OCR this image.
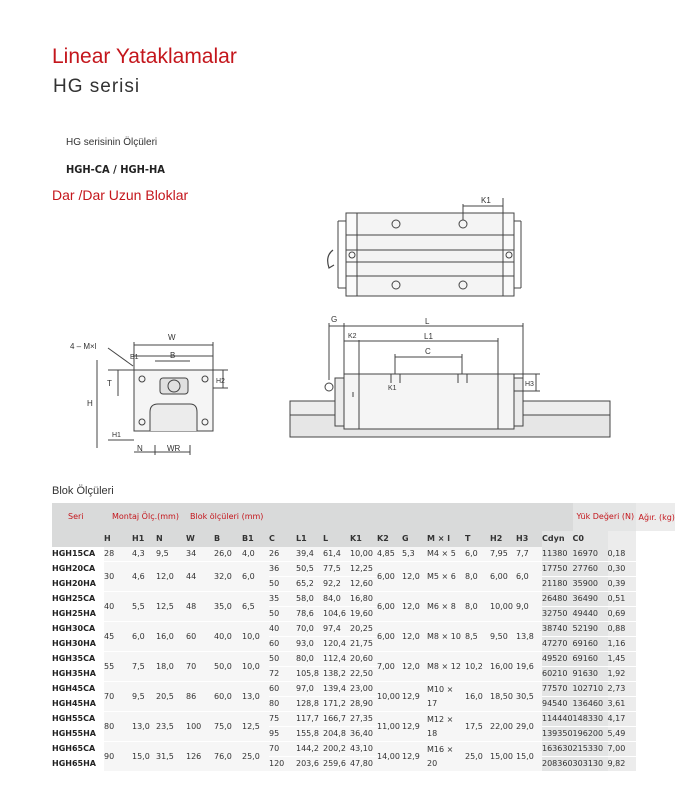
Linear Yataklamalar
HG serisi
HG serisinin Ölçüleri
HGH-CA / HGH-HA
Dar /Dar Uzun Bloklar	K1
W
B1	B
T	H2
H
H1
N	WR
4 – M×l
G	L
K2	L1
C
H3
K1
Blok Ölçüleri
Seri	Montaj Ölç.(mm)			Blok ölçüleri (mm)														Yük Değeri (N)		Ağır. (kg)
	H	H1	N	W	B	B1	C	L1	L	K1	K2	G	M × l	T	H2	H3	Cdyn	C0		
HGH15CA	28	4,3	9,5	34	26,0	4,0	26	39,4	61,4	10,00	4,85	5,3	M4 × 5	6,0	7,95	7,7	11380	16970	0,18	
HGH20CA	30	4,6	12,0	44	32,0	6,0	36	50,5	77,5	12,25	6,00	12,0	M5 × 6	8,0	6,00	6,0	17750	27760	0,30	
HGH20HA							50	65,2	92,2	12,60							21180	35900	0,39	
HGH25CA	40	5,5	12,5	48	35,0	6,5	35	58,0	84,0	16,80	6,00	12,0	M6 × 8	8,0	10,00	9,0	26480	36490	0,51	
HGH25HA							50	78,6	104,6	19,60							32750	49440	0,69	
HGH30CA	45	6,0	16,0	60	40,0	10,0	40	70,0	97,4	20,25	6,00	12,0	M8 × 10	8,5	9,50	13,8	38740	52190	0,88	
HGH30HA							60	93,0	120,4	21,75							47270	69160	1,16	
HGH35CA	55	7,5	18,0	70	50,0	10,0	50	80,0	112,4	20,60	7,00	12,0	M8 × 12	10,2	16,00	19,6	49520	69160	1,45	
HGH35HA							72	105,8	138,2	22,50							60210	91630	1,92	
HGH45CA	70	9,5	20,5	86	60,0	13,0	60	97,0	139,4	23,00	10,00	12,9	M10 × 17	16,0	18,50	30,5	77570	102710	2,73	
HGH45HA							80	128,8	171,2	28,90							94540	136460	3,61	
HGH55CA	80	13,0	23,5	100	75,0	12,5	75	117,7	166,7	27,35	11,00	12,9	M12 × 18	17,5	22,00	29,0	114440	148330	4,17	
HGH55HA							95	155,8	204,8	36,40							139350	196200	5,49	
HGH65CA	90	15,0	31,5	126	76,0	25,0	70	144,2	200,2	43,10	14,00	12,9	M16 × 20	25,0	15,00	15,0	163630	215330	7,00	
HGH65HA							120	203,6	259,6	47,80							208360	303130	9,82	
